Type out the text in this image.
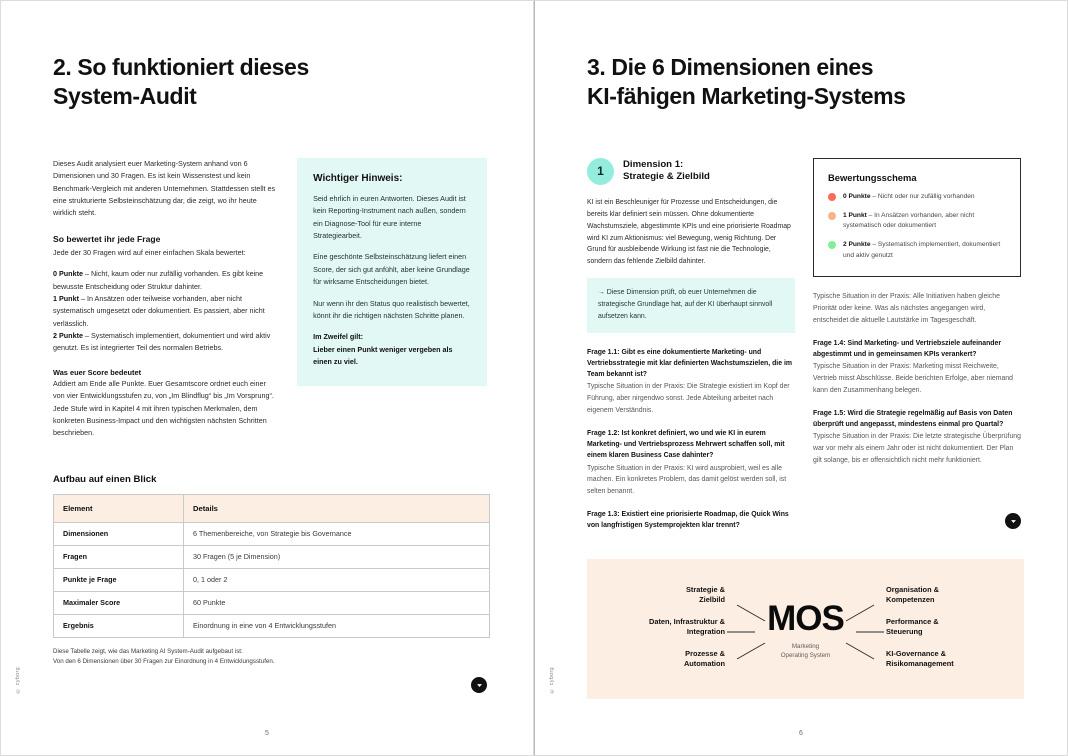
© cyborg
2. So funktioniert dieses
System-Audit
Dieses Audit analysiert euer Marketing-System anhand von 6 Dimensionen und 30 Fragen. Es ist kein Wissenstest und kein Benchmark-Vergleich mit anderen Unternehmen. Stattdessen stellt es eine strukturierte Selbsteinschätzung dar, die zeigt, wo ihr heute wirklich steht.
So bewertet ihr jede Frage
Jede der 30 Fragen wird auf einer einfachen Skala bewertet:
0 Punkte – Nicht, kaum oder nur zufällig vorhanden. Es gibt keine bewusste Entscheidung oder Struktur dahinter.
1 Punkt – In Ansätzen oder teilweise vorhanden, aber nicht systematisch umgesetzt oder dokumentiert. Es passiert, aber nicht verlässlich.
2 Punkte – Systematisch implementiert, dokumentiert und wird aktiv genutzt. Es ist integrierter Teil des normalen Betriebs.
Was euer Score bedeutet
Addiert am Ende alle Punkte. Euer Gesamtscore ordnet euch einer von vier Entwicklungsstufen zu, von „Im Blindflug“ bis „Im Vorsprung“. Jede Stufe wird in Kapitel 4 mit ihren typischen Merkmalen, dem konkreten Business-Impact und den wichtigsten nächsten Schritten beschrieben.
Wichtiger Hinweis:

Seid ehrlich in euren Antworten. Dieses Audit ist kein Reporting-Instrument nach außen, sondern ein Diagnose-Tool für eure interne Strategiearbeit.

Eine geschönte Selbsteinschätzung liefert einen Score, der sich gut anfühlt, aber keine Grundlage für wirksame Entscheidungen bietet.

Nur wenn ihr den Status quo realistisch bewertet, könnt ihr die richtigen nächsten Schritte planen.

Im Zweifel gilt:

Lieber einen Punkt weniger vergeben als

einen zu viel.

Aufbau auf einen Blick
Element	Details
Dimensionen	6 Themenbereiche, von Strategie bis Governance
Fragen	30 Fragen (5 je Dimension)
Punkte je Frage	0, 1 oder 2
Maximaler Score	60 Punkte
Ergebnis	Einordnung in eine von 4 Entwicklungsstufen
Diese Tabelle zeigt, wie das Marketing AI System-Audit aufgebaut ist:
Von den 6 Dimensionen über 30 Fragen zur Einordnung in 4 Entwicklungsstufen.
5
© cyborg
3. Die 6 Dimensionen eines
KI-fähigen Marketing-Systems
1	Dimension 1:
Strategie & Zielbild
KI ist ein Beschleuniger für Prozesse und Entscheidungen, die bereits klar definiert sein müssen. Ohne dokumentierte Wachstumsziele, abgestimmte KPIs und eine priorisierte Roadmap wird KI zum Aktionismus: viel Bewegung, wenig Richtung. Der Grund für ausbleibende Wirkung ist fast nie die Technologie, sondern das fehlende Zielbild dahinter.
→ Diese Dimension prüft, ob euer Unternehmen die strategische Grundlage hat, auf der KI überhaupt sinnvoll aufsetzen kann.
Frage 1.1: Gibt es eine dokumentierte Marketing- und Vertriebsstrategie mit klar definierten Wachstumszielen, die im Team bekannt ist?
Typische Situation in der Praxis: Die Strategie existiert im Kopf der Führung, aber nirgendwo sonst. Jede Abteilung arbeitet nach eigenem Verständnis.
Frage 1.2: Ist konkret definiert, wo und wie KI in eurem Marketing- und Vertriebsprozess Mehrwert schaffen soll, mit einem klaren Business Case dahinter?
Typische Situation in der Praxis: KI wird ausprobiert, weil es alle machen. Ein konkretes Problem, das damit gelöst werden soll, ist selten benannt.
Frage 1.3: Existiert eine priorisierte Roadmap, die Quick Wins von langfristigen Systemprojekten klar trennt?
Bewertungsschema
0 Punkte – Nicht oder nur zufällig vorhanden
1 Punkt – In Ansätzen vorhanden, aber nicht systematisch oder dokumentiert
2 Punkte – Systematisch implementiert, dokumentiert und aktiv genutzt
Typische Situation in der Praxis: Alle Initiativen haben gleiche Priorität oder keine. Was als nächstes angegangen wird, entscheidet die aktuelle Lautstärke im Tagesgeschäft.
Frage 1.4: Sind Marketing- und Vertriebsziele aufeinander abgestimmt und in gemeinsamen KPIs verankert?
Typische Situation in der Praxis: Marketing misst Reichweite, Vertrieb misst Abschlüsse. Beide berichten Erfolge, aber niemand kann den Zusammenhang belegen.
Frage 1.5: Wird die Strategie regelmäßig auf Basis von Daten überprüft und angepasst, mindestens einmal pro Quartal?
Typische Situation in der Praxis: Die letzte strategische Überprüfung war vor mehr als einem Jahr oder ist nicht dokumentiert. Der Plan gilt solange, bis er offensichtlich nicht mehr funktioniert.
MOS
Marketing
Operating System
Strategie &
Zielbild
Daten, Infrastruktur &
Integration
Prozesse &
Automation
Organisation &
Kompetenzen
Performance &
Steuerung
KI-Governance &
Risikomanagement
6
